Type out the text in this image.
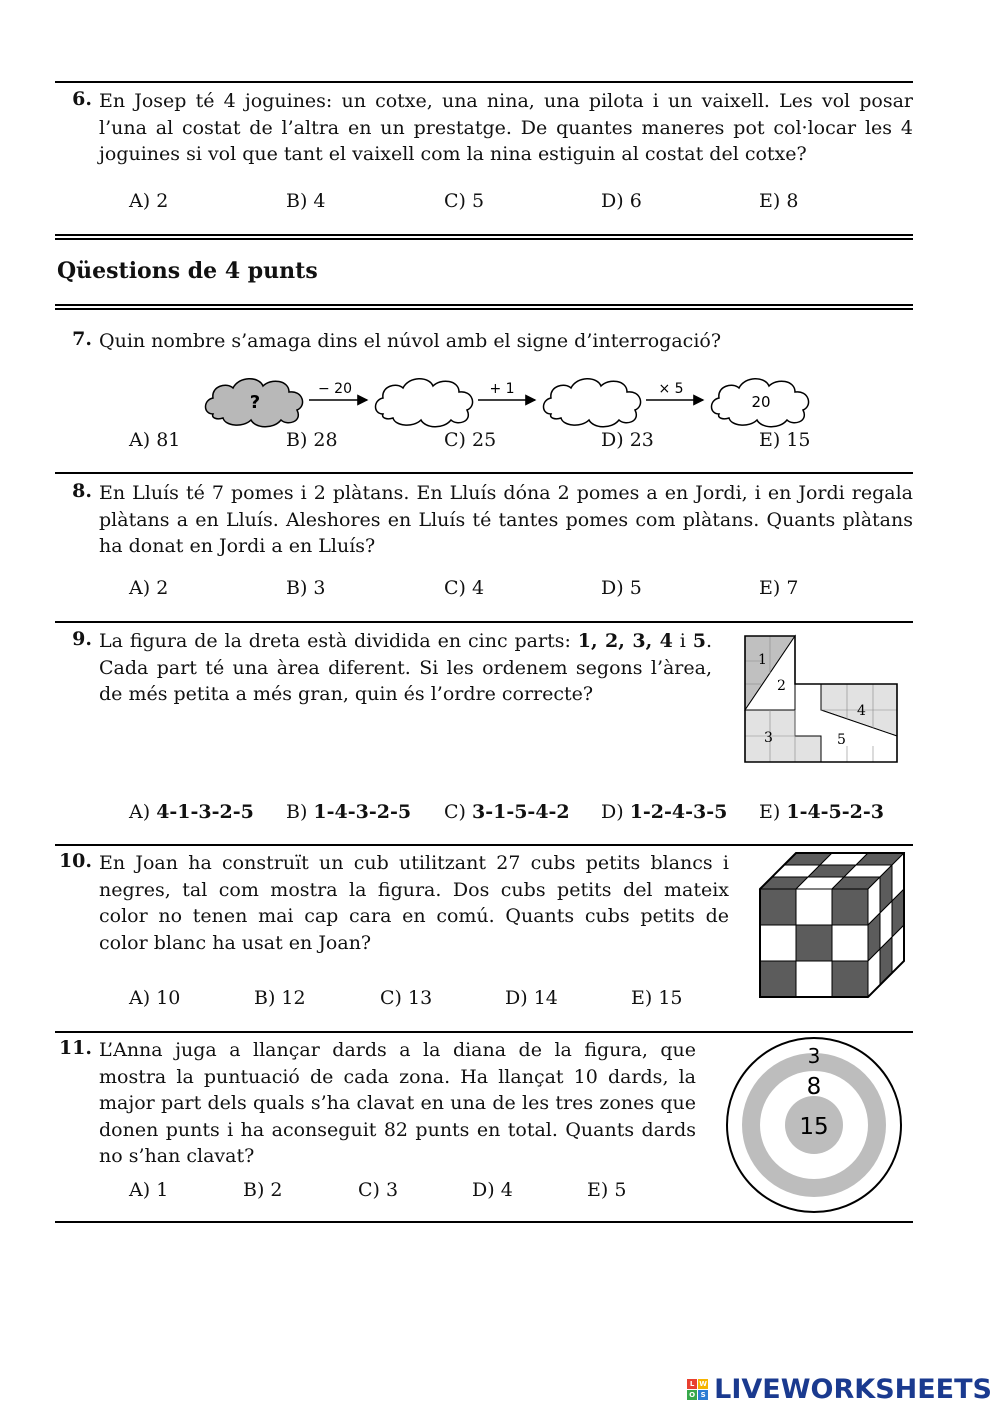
6. En Josep té 4 joguines: un cotxe, una nina, una pilota i un vaixell. Les vol posar l’una al costat de l’altra en un prestatge. De quantes maneres pot col·locar les 4 joguines si vol que tant el vaixell com la nina estiguin al costat del cotxe?
A) 2	B) 4	C) 5	D) 6	E) 8
Qüestions de 4 punts
7. Quin nombre s’amaga dins el núvol amb el signe d’interrogació?
?
− 20	+ 1	× 5
20
A) 81	B) 28	C) 25	D) 23	E) 15
8. En Lluís té 7 pomes i 2 plàtans. En Lluís dóna 2 pomes a en Jordi, i en Jordi regala plàtans a en Lluís. Aleshores en Lluís té tantes pomes com plàtans. Quants plàtans ha donat en Jordi a en Lluís?
A) 2	B) 3	C) 4	D) 5	E) 7
9. La figura de la dreta està dividida en cinc parts: 1, 2, 3, 4 i 5. Cada part té una àrea diferent. Si les ordenem segons l’àrea, de més petita a més gran, quin és l’ordre correcte?
1
2
3
4
5
A) 4-1-3-2-5 B) 1-4-3-2-5 C) 3-1-5-4-2 D) 1-2-4-3-5 E) 1-4-5-2-3
10. En Joan ha construït un cub utilitzant 27 cubs petits blancs i negres, tal com mostra la figura. Dos cubs petits del mateix color no tenen mai cap cara en comú. Quants cubs petits de color blanc ha usat en Joan?
A) 10	B) 12	C) 13	D) 14	E) 15
11. L’Anna juga a llançar dards a la diana de la figura, que mostra la puntuació de cada zona. Ha llançat 10 dards, la major part dels quals s’ha clavat en una de les tres zones que donen punts i ha aconseguit 82 punts en total. Quants dards no s’han clavat?
3
8
15
A) 1	B) 2	C) 3	D) 4	E) 5
L W
O S LIVEWORKSHEETS
